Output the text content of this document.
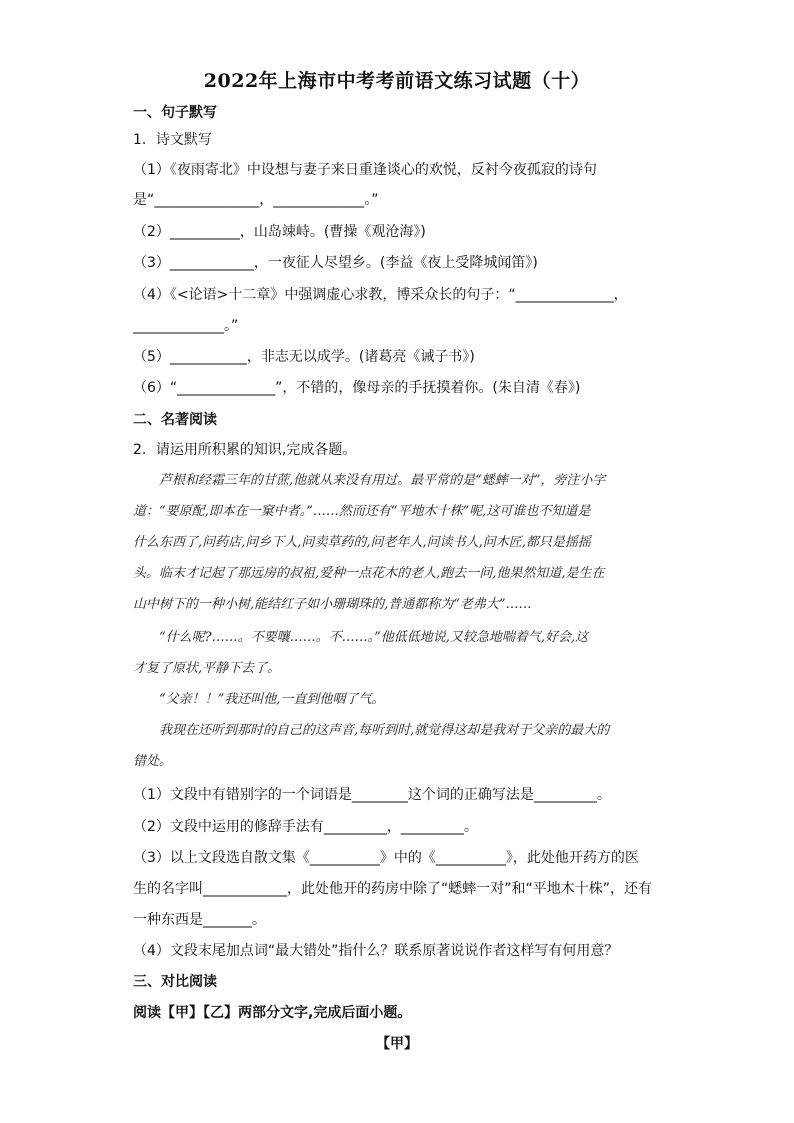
2022年上海市中考考前语文练习试题（十）
一、句子默写
1．诗文默写
（1）《夜雨寄北》中设想与妻子来日重逢谈心的欢悦，反衬今夜孤寂的诗句
是“_______________，_____________。”
（2）__________，山岛竦峙。(曹操《观沧海》)
（3）____________，一夜征人尽望乡。(李益《夜上受降城闻笛》)
（4）《<论语>十二章》中强调虚心求教，博采众长的句子：“______________，
_____________。”
（5）___________，非志无以成学。(诸葛亮《诫子书》)
（6）“______________”，不错的，像母亲的手抚摸着你。(朱自清《春》)
二、名著阅读
2．请运用所积累的知识,完成各题。
　　芦根和经霜三年的甘蔗,他就从来没有用过。最平常的是“蟋蟀一对”，旁注小字
道：“要原配,即本在一窠中者。”……然而还有“平地木十株”呢,这可谁也不知道是
什么东西了,问药店,问乡下人,问卖草药的,问老年人,问读书人,问木匠,都只是摇摇
头。临末才记起了那远房的叔祖,爱种一点花木的老人,跑去一问,他果然知道,是生在
山中树下的一种小树,能结红子如小珊瑚珠的,普通都称为“老弗大”……
　　“什么呢?……。不要嚷……。不……。”他低低地说,又较急地喘着气,好会,这
才复了原状,平静下去了。
　　“父亲！！”我还叫他,一直到他咽了气。
　　我现在还听到那时的自己的这声音,每听到时,就觉得这却是我对于父亲的最大的
错处。
（1）文段中有错别字的一个词语是________这个词的正确写法是_________。
（2）文段中运用的修辞手法有_________，_________。
（3）以上文段选自散文集《__________》中的《__________》，此处他开药方的医
生的名字叫____________，此处他开的药房中除了“蟋蟀一对”和“平地木十株”，还有
一种东西是_______。
（4）文段末尾加点词“最大错处”指什么？联系原著说说作者这样写有何用意？
三、对比阅读
阅读【甲】【乙】两部分文字,完成后面小题。
【甲】
